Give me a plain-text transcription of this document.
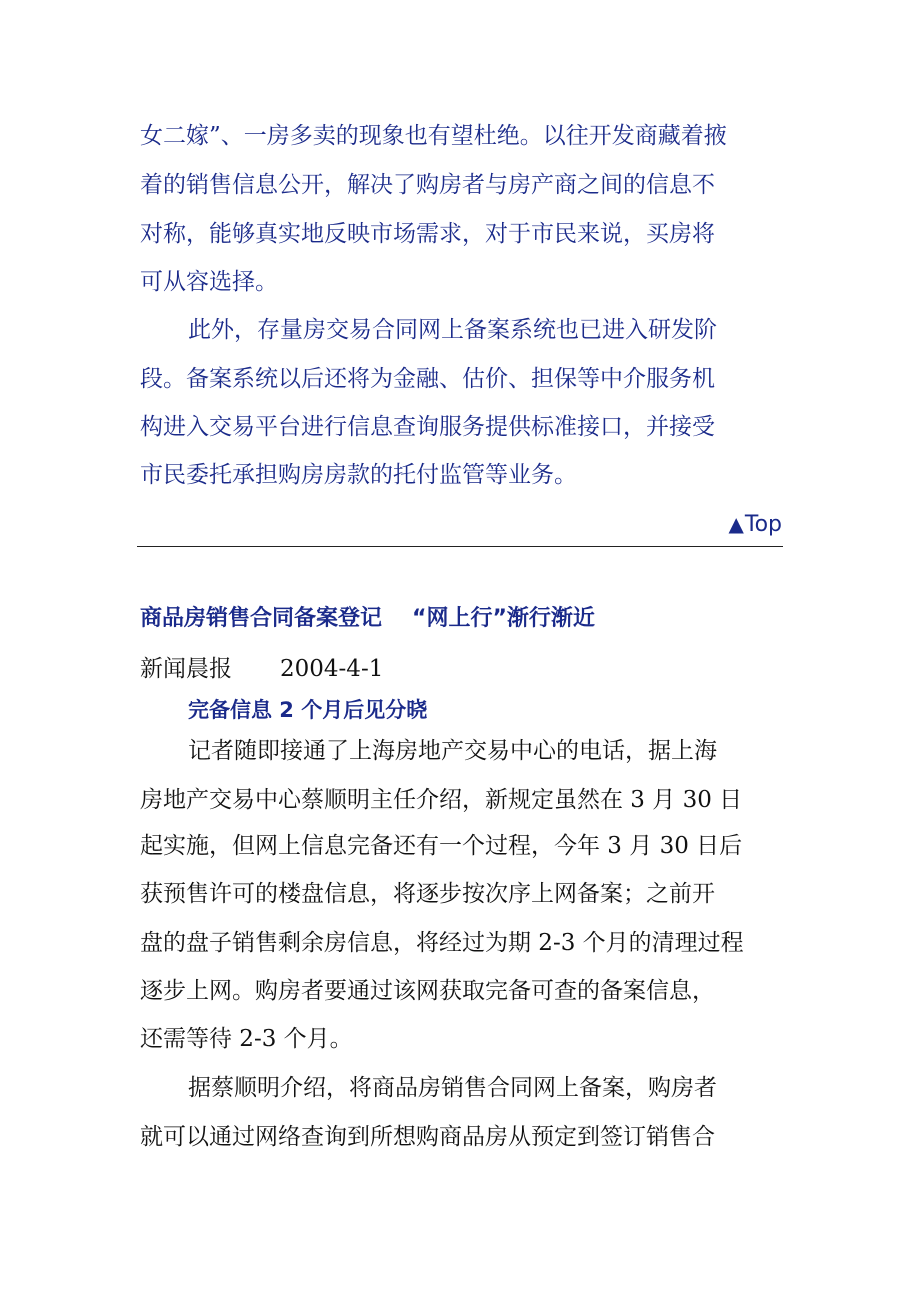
女二嫁”、一房多卖的现象也有望杜绝。以往开发商藏着掖
着的销售信息公开，解决了购房者与房产商之间的信息不
对称，能够真实地反映市场需求，对于市民来说，买房将
可从容选择。
此外，存量房交易合同网上备案系统也已进入研发阶
段。备案系统以后还将为金融、估价、担保等中介服务机
构进入交易平台进行信息查询服务提供标准接口，并接受
市民委托承担购房房款的托付监管等业务。
▲Top
商品房销售合同备案登记 “网上行”渐行渐近
新闻晨报 2004-4-1
完备信息 2 个月后见分晓
记者随即接通了上海房地产交易中心的电话，据上海
房地产交易中心蔡顺明主任介绍，新规定虽然在 3 月 30 日
起实施，但网上信息完备还有一个过程，今年 3 月 30 日后
获预售许可的楼盘信息，将逐步按次序上网备案；之前开
盘的盘子销售剩余房信息，将经过为期 2-3 个月的清理过程
逐步上网。购房者要通过该网获取完备可查的备案信息，
还需等待 2-3 个月。
据蔡顺明介绍，将商品房销售合同网上备案，购房者
就可以通过网络查询到所想购商品房从预定到签订销售合
